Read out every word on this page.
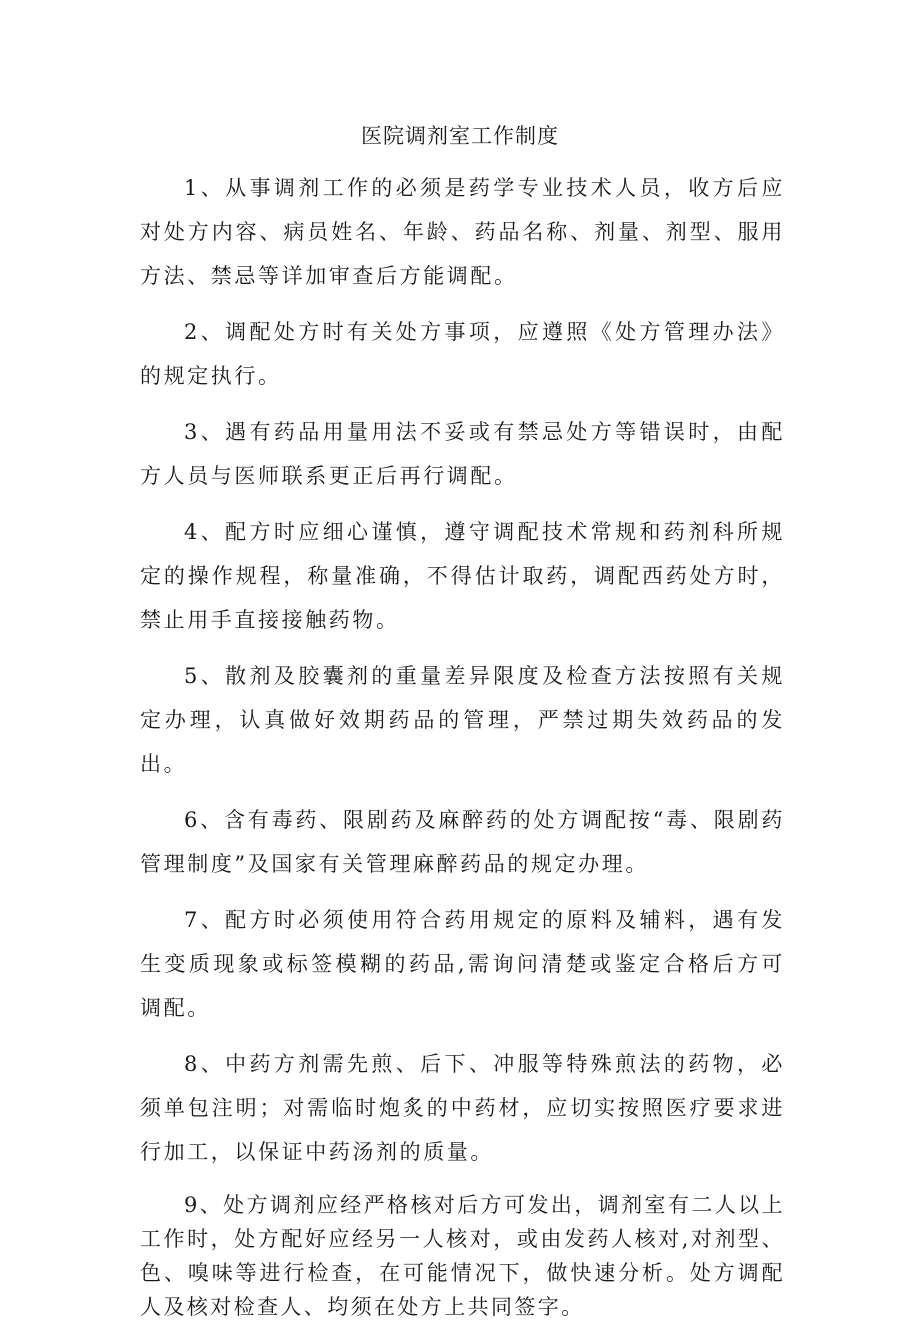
医院调剂室工作制度

1、从事调剂工作的必须是药学专业技术人员，收方后应对处方内容、病员姓名、年龄、药品名称、剂量、剂型、服用方法、禁忌等详加审查后方能调配。

2、调配处方时有关处方事项，应遵照《处方管理办法》的规定执行。

3、遇有药品用量用法不妥或有禁忌处方等错误时，由配方人员与医师联系更正后再行调配。

4、配方时应细心谨慎，遵守调配技术常规和药剂科所规定的操作规程，称量准确，不得估计取药，调配西药处方时，禁止用手直接接触药物。

5、散剂及胶囊剂的重量差异限度及检查方法按照有关规定办理，认真做好效期药品的管理，严禁过期失效药品的发出。

6、含有毒药、限剧药及麻醉药的处方调配按“毒、限剧药管理制度”及国家有关管理麻醉药品的规定办理。

7、配方时必须使用符合药用规定的原料及辅料，遇有发生变质现象或标签模糊的药品,需询问清楚或鉴定合格后方可调配。

8、中药方剂需先煎、后下、冲服等特殊煎法的药物，必须单包注明；对需临时炮炙的中药材，应切实按照医疗要求进行加工，以保证中药汤剂的质量。

9、处方调剂应经严格核对后方可发出，调剂室有二人以上工作时，处方配好应经另一人核对，或由发药人核对,对剂型、色、嗅味等进行检查，在可能情况下，做快速分析。处方调配人及核对检查人、均须在处方上共同签字。
